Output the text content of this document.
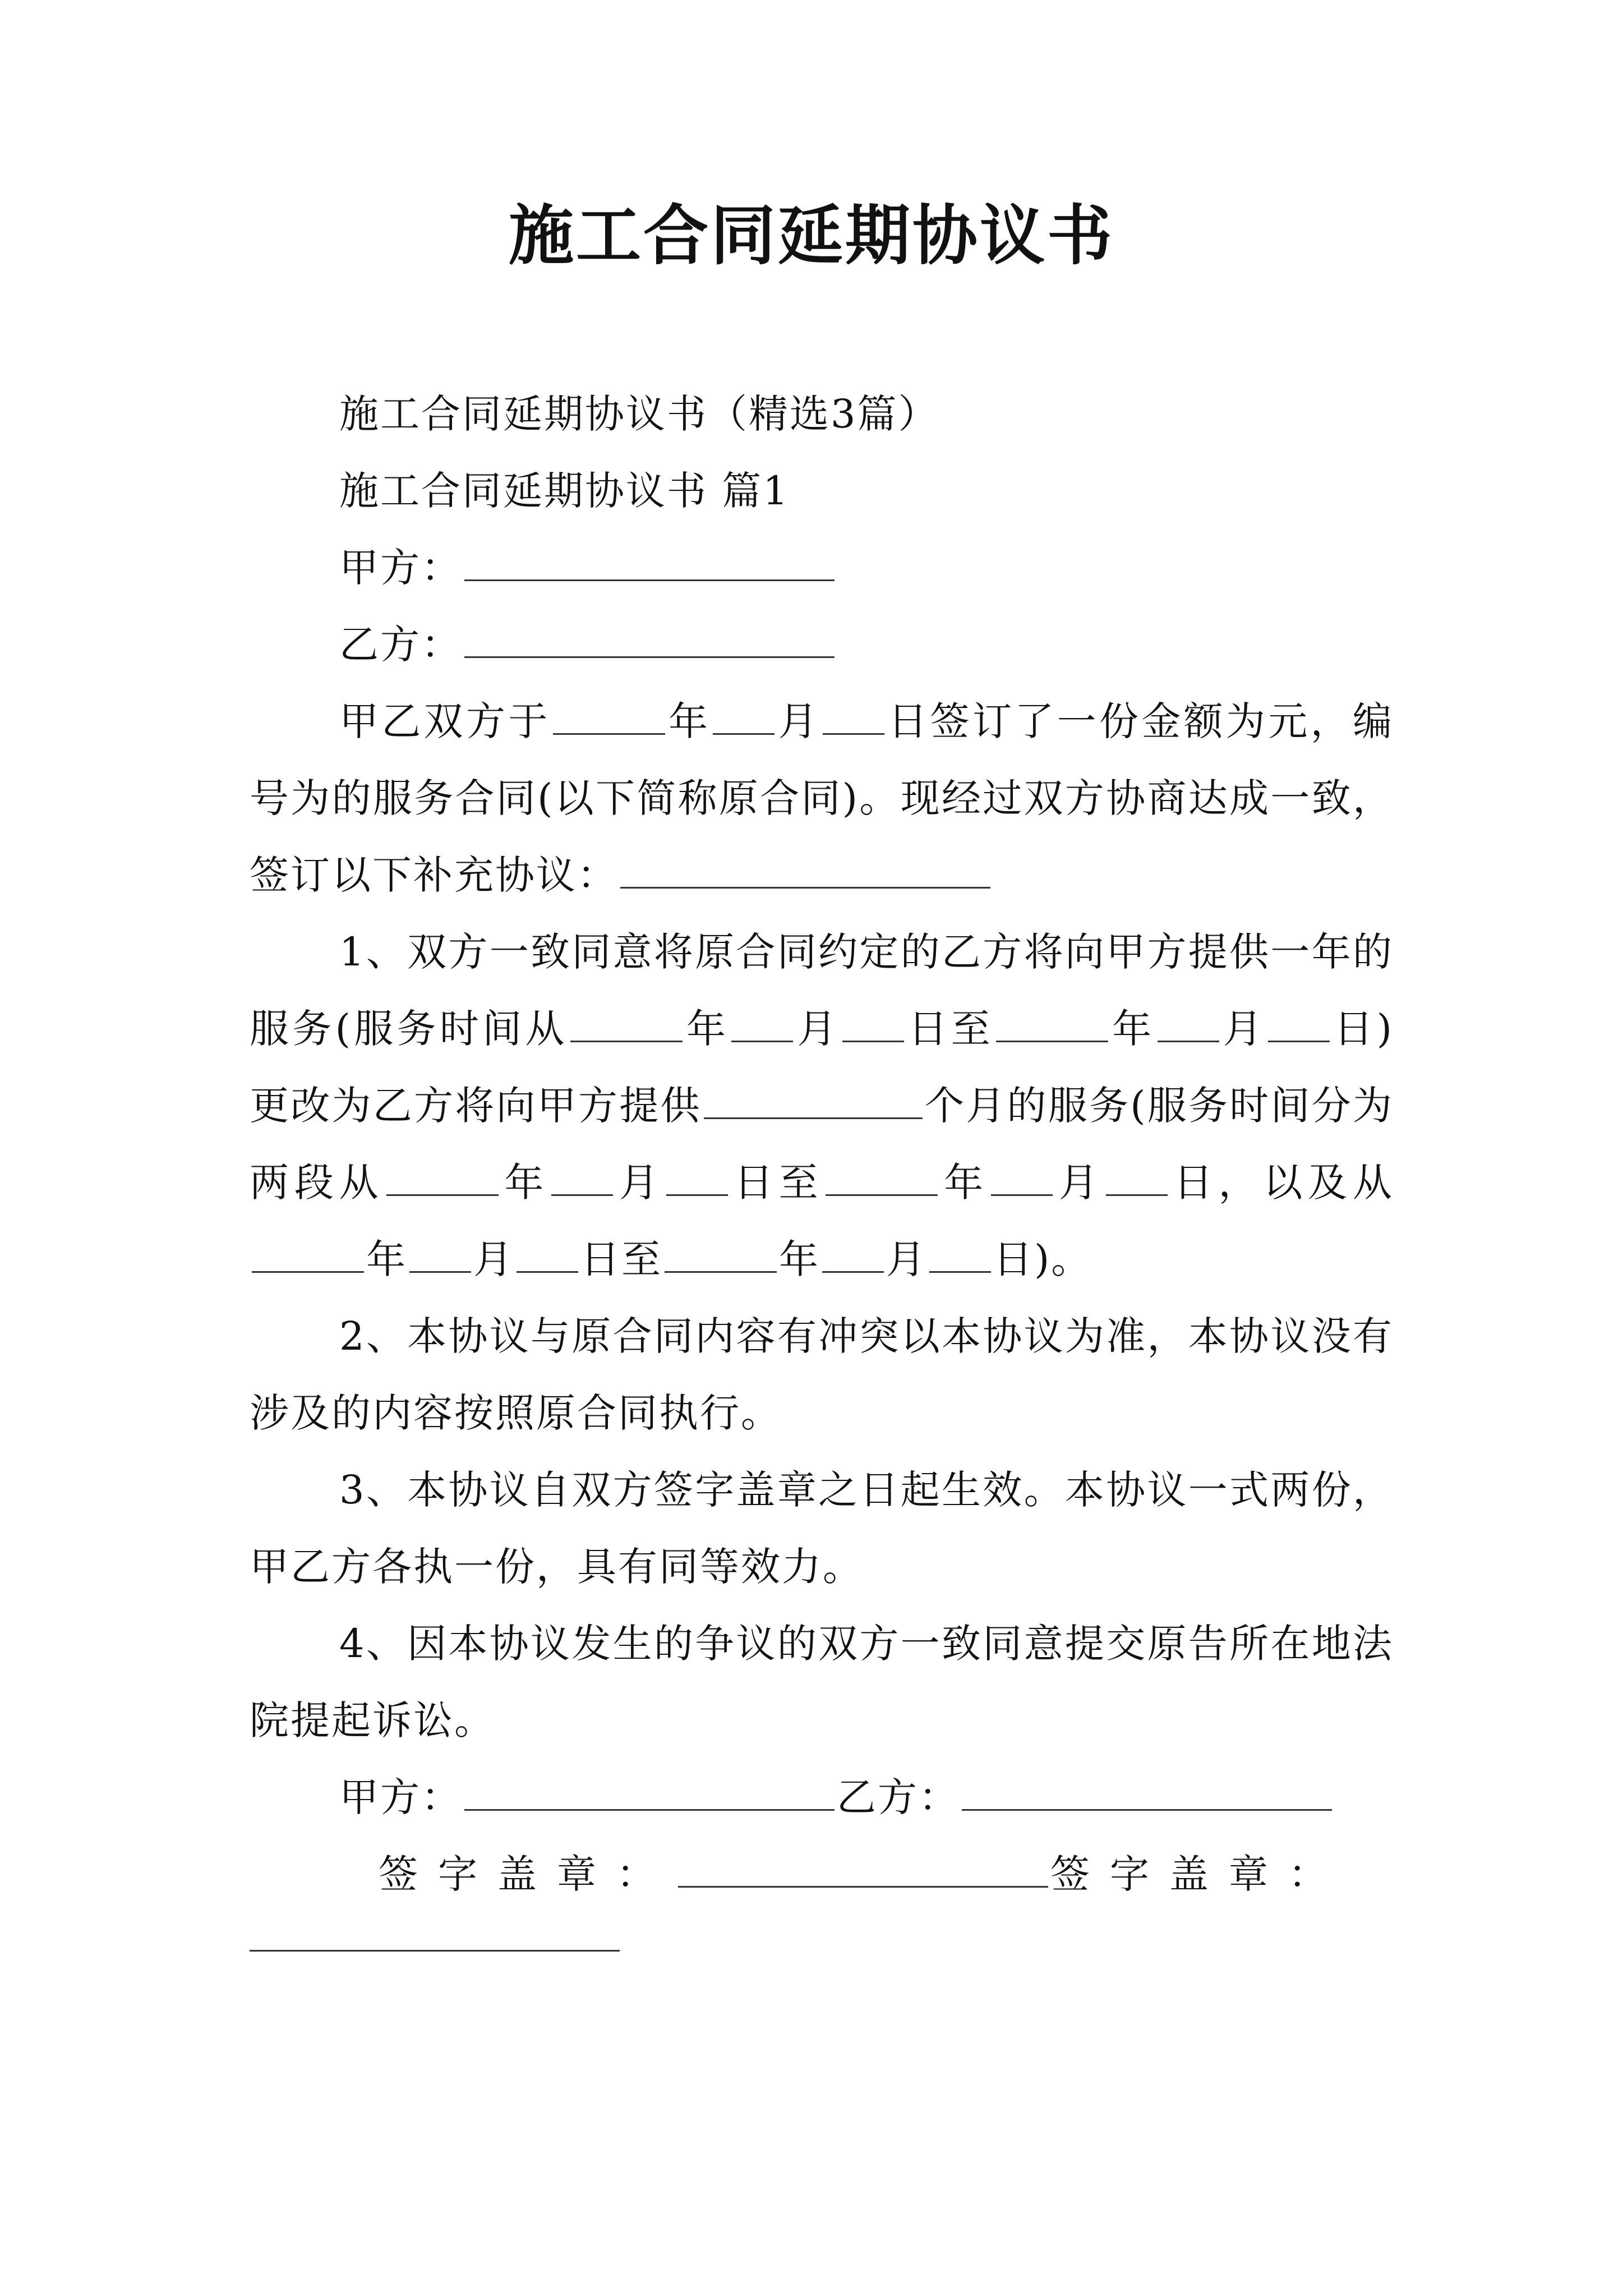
施工合同延期协议书

施工合同延期协议书（精选3篇）

施工合同延期协议书 篇1

甲方：

乙方：

甲乙双方于	年 月 日签订了一份金额为元，编号为的服务合同(以下简称原合同)。现经过双方协商达成一致，签订以下补充协议：

1、双方一致同意将原合同约定的乙方将向甲方提供一年的服务(服务时间从	年 月 日至	年 月 日)更改为乙方将向甲方提供	个月的服务(服务时间分为两段从	年 月 日至	年 月 日，以及从年 月 日至	年 月 日)。

2、本协议与原合同内容有冲突以本协议为准，本协议没有涉及的内容按照原合同执行。

3、本协议自双方签字盖章之日起生效。本协议一式两份，甲乙方各执一份，具有同等效力。

4、因本协议发生的争议的双方一致同意提交原告所在地法院提起诉讼。

甲方：	乙方：

签字盖章：	签字盖章：
